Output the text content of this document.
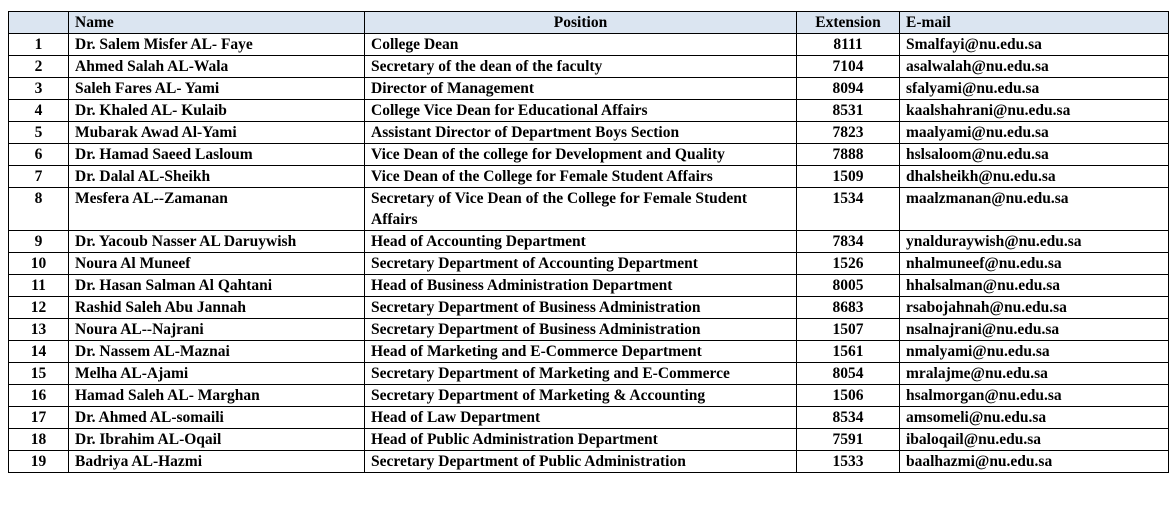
	Name	Position	Extension	E-mail
1	Dr. Salem Misfer AL- Faye	College Dean	8111	Smalfayi@nu.edu.sa
2	Ahmed Salah AL-Wala	Secretary of the dean of the faculty	7104	asalwalah@nu.edu.sa
3	Saleh Fares AL- Yami	Director of Management	8094	sfalyami@nu.edu.sa
4	Dr. Khaled AL- Kulaib	College Vice Dean for Educational Affairs	8531	kaalshahrani@nu.edu.sa
5	Mubarak Awad Al-Yami	Assistant Director of Department Boys Section	7823	maalyami@nu.edu.sa
6	Dr. Hamad Saeed Lasloum	Vice Dean of the college for Development and Quality	7888	hslsaloom@nu.edu.sa
7	Dr. Dalal AL-Sheikh	Vice Dean of the College for Female Student Affairs	1509	dhalsheikh@nu.edu.sa
8	Mesfera AL--Zamanan	Secretary of Vice Dean of the College for Female Student Affairs	1534	maalzmanan@nu.edu.sa
9	Dr. Yacoub Nasser AL Daruywish	Head of Accounting Department	7834	ynalduraywish@nu.edu.sa
10	Noura Al Muneef	Secretary Department of Accounting Department	1526	nhalmuneef@nu.edu.sa
11	Dr. Hasan Salman Al Qahtani	Head of Business Administration Department	8005	hhalsalman@nu.edu.sa
12	Rashid Saleh Abu Jannah	Secretary Department of Business Administration	8683	rsabojahnah@nu.edu.sa
13	Noura AL--Najrani	Secretary Department of Business Administration	1507	nsalnajrani@nu.edu.sa
14	Dr. Nassem AL-Maznai	Head of Marketing and E-Commerce Department	1561	nmalyami@nu.edu.sa
15	Melha AL-Ajami	Secretary Department of Marketing and E-Commerce	8054	mralajme@nu.edu.sa
16	Hamad Saleh AL- Marghan	Secretary Department of Marketing & Accounting	1506	hsalmorgan@nu.edu.sa
17	Dr. Ahmed AL-somaili	Head of Law Department	8534	amsomeli@nu.edu.sa
18	Dr. Ibrahim AL-Oqail	Head of Public Administration Department	7591	ibaloqail@nu.edu.sa
19	Badriya AL-Hazmi	Secretary Department of Public Administration	1533	baalhazmi@nu.edu.sa
